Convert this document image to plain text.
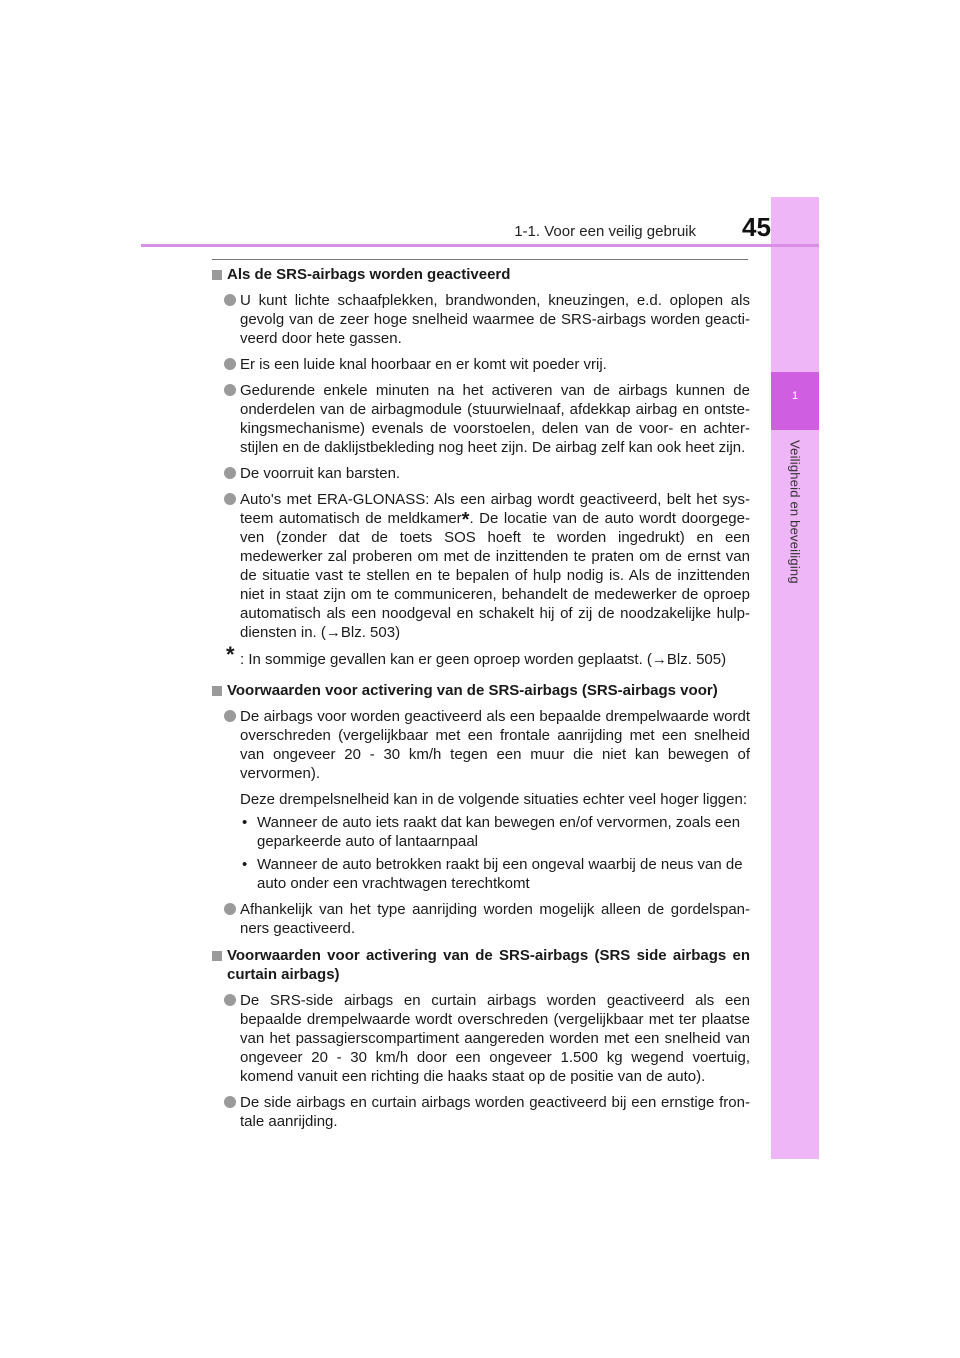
1
Veiligheid en beveiliging
1-1. Voor een veilig gebruik 45
Als de SRS-airbags worden geactiveerd
U kunt lichte schaafplekken, brandwonden, kneuzingen, e.d. oplopen als gevolg van de zeer hoge snelheid waarmee de SRS-airbags worden geactiveerd door hete gassen.
Er is een luide knal hoorbaar en er komt wit poeder vrij.
Gedurende enkele minuten na het activeren van de airbags kunnen de onderdelen van de airbagmodule (stuurwielnaaf, afdekkap airbag en ontstekingsmechanisme) evenals de voorstoelen, delen van de voor- en achterstijlen en de daklijstbekleding nog heet zijn. De airbag zelf kan ook heet zijn.
De voorruit kan barsten.
Auto's met ERA-GLONASS: Als een airbag wordt geactiveerd, belt het systeem automatisch de meldkamer*. De locatie van de auto wordt doorgegeven (zonder dat de toets SOS hoeft te worden ingedrukt) en een medewerker zal proberen om met de inzittenden te praten om de ernst van de situatie vast te stellen en te bepalen of hulp nodig is. Als de inzittenden niet in staat zijn om te communiceren, behandelt de medewerker de oproep automatisch als een noodgeval en schakelt hij of zij de noodzakelijke hulpdiensten in. (→Blz. 503)
* : In sommige gevallen kan er geen oproep worden geplaatst. (→Blz. 505)
Voorwaarden voor activering van de SRS-airbags (SRS-airbags voor)
De airbags voor worden geactiveerd als een bepaalde drempelwaarde wordt overschreden (vergelijkbaar met een frontale aanrijding met een snelheid van ongeveer 20 - 30 km/h tegen een muur die niet kan bewegen of vervormen).
Deze drempelsnelheid kan in de volgende situaties echter veel hoger liggen:
• Wanneer de auto iets raakt dat kan bewegen en/of vervormen, zoals een geparkeerde auto of lantaarnpaal
• Wanneer de auto betrokken raakt bij een ongeval waarbij de neus van de auto onder een vrachtwagen terechtkomt
Afhankelijk van het type aanrijding worden mogelijk alleen de gordelspanners geactiveerd.
Voorwaarden voor activering van de SRS-airbags (SRS side airbags en curtain airbags)
De SRS-side airbags en curtain airbags worden geactiveerd als een bepaalde drempelwaarde wordt overschreden (vergelijkbaar met ter plaatse van het passagierscompartiment aangereden worden met een snelheid van ongeveer 20 - 30 km/h door een ongeveer 1.500 kg wegend voertuig, komend vanuit een richting die haaks staat op de positie van de auto).
De side airbags en curtain airbags worden geactiveerd bij een ernstige frontale aanrijding.
